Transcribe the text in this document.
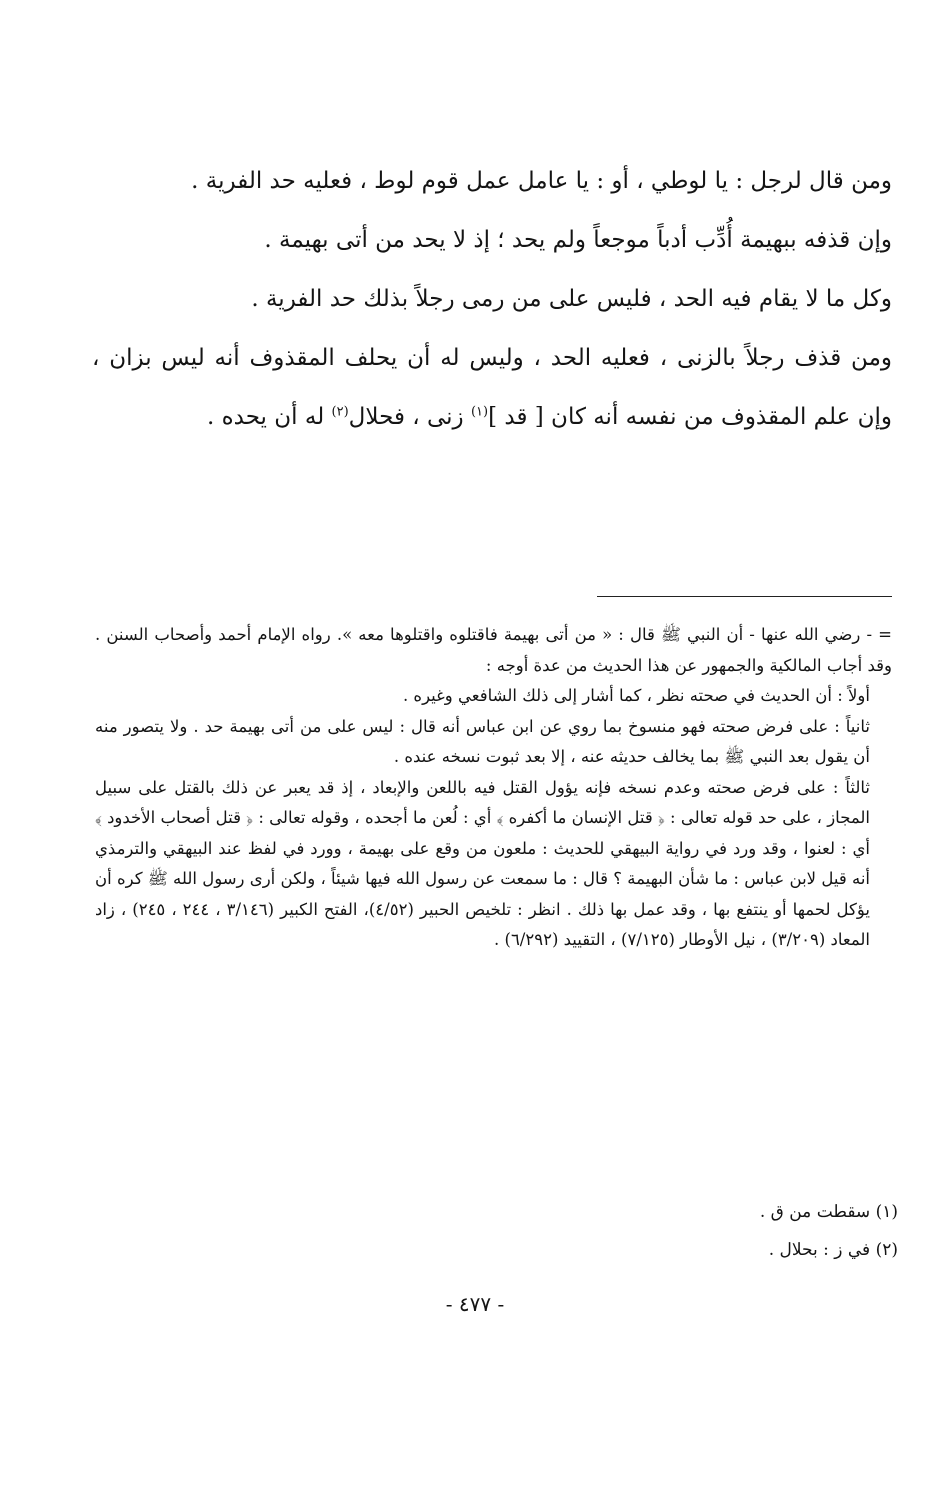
ومن قال لرجل : يا لوطي ، أو : يا عامل عمل قوم لوط ، فعليه حد الفرية .

وإن قذفه ببهيمة أُدِّب أدباً موجعاً ولم يحد ؛ إذ لا يحد من أتى بهيمة .

وكل ما لا يقام فيه الحد ، فليس على من رمى رجلاً بذلك حد الفرية .

ومن قذف رجلاً بالزنى ، فعليه الحد ، وليس له أن يحلف المقذوف أنه ليس بزان ، وإن علم المقذوف من نفسه أنه كان [ قد ]$^{(١)}$ زنى ، فحلال$^{(٢)}$ له أن يحده .

= - رضي الله عنها - أن النبي ﷺ قال : « من أتى بهيمة فاقتلوه واقتلوها معه ». رواه الإمام أحمد وأصحاب السنن . وقد أجاب المالكية والجمهور عن هذا الحديث من عدة أوجه :

أولاً : أن الحديث في صحته نظر ، كما أشار إلى ذلك الشافعي وغيره .

ثانياً : على فرض صحته فهو منسوخ بما روي عن ابن عباس أنه قال : ليس على من أتى بهيمة حد . ولا يتصور منه أن يقول بعد النبي ﷺ بما يخالف حديثه عنه ، إلا بعد ثبوت نسخه عنده .

ثالثاً : على فرض صحته وعدم نسخه فإنه يؤول القتل فيه باللعن والإبعاد ، إذ قد يعبر عن ذلك بالقتل على سبيل المجاز ، على حد قوله تعالى : ﴿ قتل الإنسان ما أكفره ﴾ أي : لُعن ما أجحده ، وقوله تعالى : ﴿ قتل أصحاب الأخدود ﴾ أي : لعنوا ، وقد ورد في رواية البيهقي للحديث : ملعون من وقع على بهيمة ، وورد في لفظ عند البيهقي والترمذي أنه قيل لابن عباس : ما شأن البهيمة ؟ قال : ما سمعت عن رسول الله فيها شيئاً ، ولكن أرى رسول الله ﷺ كره أن يؤكل لحمها أو ينتفع بها ، وقد عمل بها ذلك . انظر : تلخيص الحبير (٤/٥٢)، الفتح الكبير (٣/١٤٦ ، ٢٤٤ ، ٢٤٥) ، زاد المعاد (٣/٢٠٩) ، نيل الأوطار (٧/١٢٥) ، التقييد (٦/٢٩٢) .

(١) سقطت من ق .

(٢) في ز : بحلال .

- ٤٧٧ -
